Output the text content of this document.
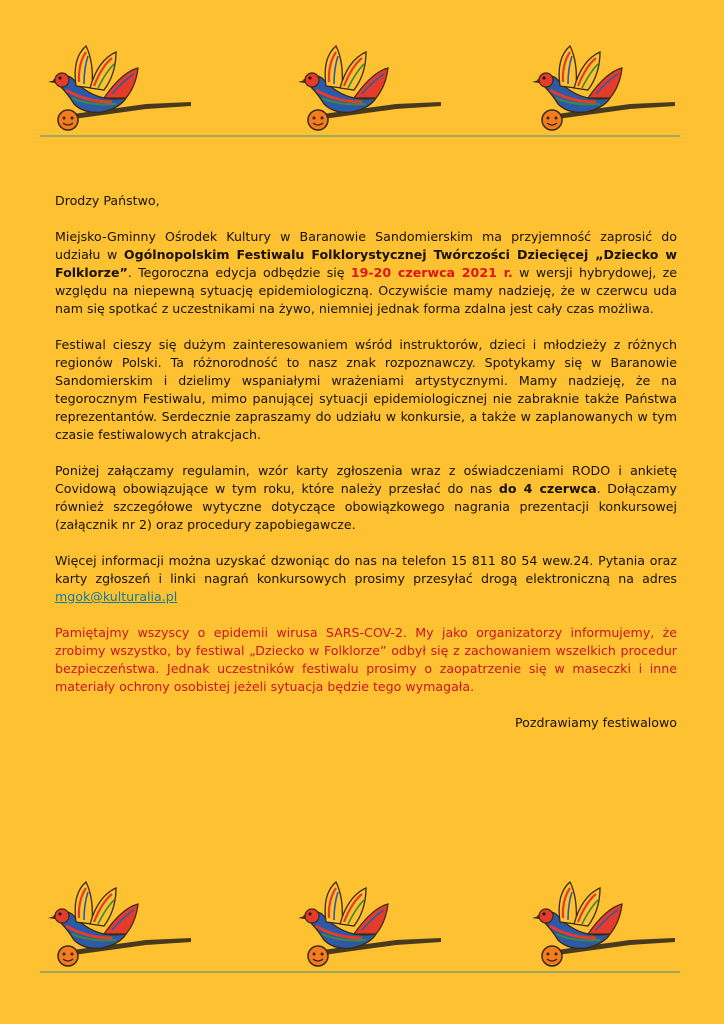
Drodzy Państwo,

Miejsko-Gminny Ośrodek Kultury w Baranowie Sandomierskim ma przyjemność zaprosić do udziału w Ogólnopolskim Festiwalu Folklorystycznej Twórczości Dziecięcej „Dziecko w Folklorze”. Tegoroczna edycja odbędzie się 19-20 czerwca 2021 r. w wersji hybrydowej, ze względu na niepewną sytuację epidemiologiczną. Oczywiście mamy nadzieję, że w czerwcu uda nam się spotkać z uczestnikami na żywo, niemniej jednak forma zdalna jest cały czas możliwa.

Festiwal cieszy się dużym zainteresowaniem wśród instruktorów, dzieci i młodzieży z różnych regionów Polski. Ta różnorodność to nasz znak rozpoznawczy. Spotykamy się w Baranowie Sandomierskim i dzielimy wspaniałymi wrażeniami artystycznymi. Mamy nadzieję, że na tegorocznym Festiwalu, mimo panującej sytuacji epidemiologicznej nie zabraknie także Państwa reprezentantów. Serdecznie zapraszamy do udziału w konkursie, a także w zaplanowanych w tym czasie festiwalowych atrakcjach.

Poniżej załączamy regulamin, wzór karty zgłoszenia wraz z oświadczeniami RODO i ankietę Covidową obowiązujące w tym roku, które należy przesłać do nas do 4 czerwca. Dołączamy również szczegółowe wytyczne dotyczące obowiązkowego nagrania prezentacji konkursowej (załącznik nr 2) oraz procedury zapobiegawcze.

Więcej informacji można uzyskać dzwoniąc do nas na telefon 15 811 80 54 wew.24. Pytania oraz karty zgłoszeń i linki nagrań konkursowych prosimy przesyłać drogą elektroniczną na adres mgok@kulturalia.pl

Pamiętajmy wszyscy o epidemii wirusa SARS-COV-2. My jako organizatorzy informujemy, że zrobimy wszystko, by festiwal „Dziecko w Folklorze” odbył się z zachowaniem wszelkich procedur bezpieczeństwa. Jednak uczestników festiwalu prosimy o zaopatrzenie się w maseczki i inne materiały ochrony osobistej jeżeli sytuacja będzie tego wymagała.

Pozdrawiamy festiwalowo
